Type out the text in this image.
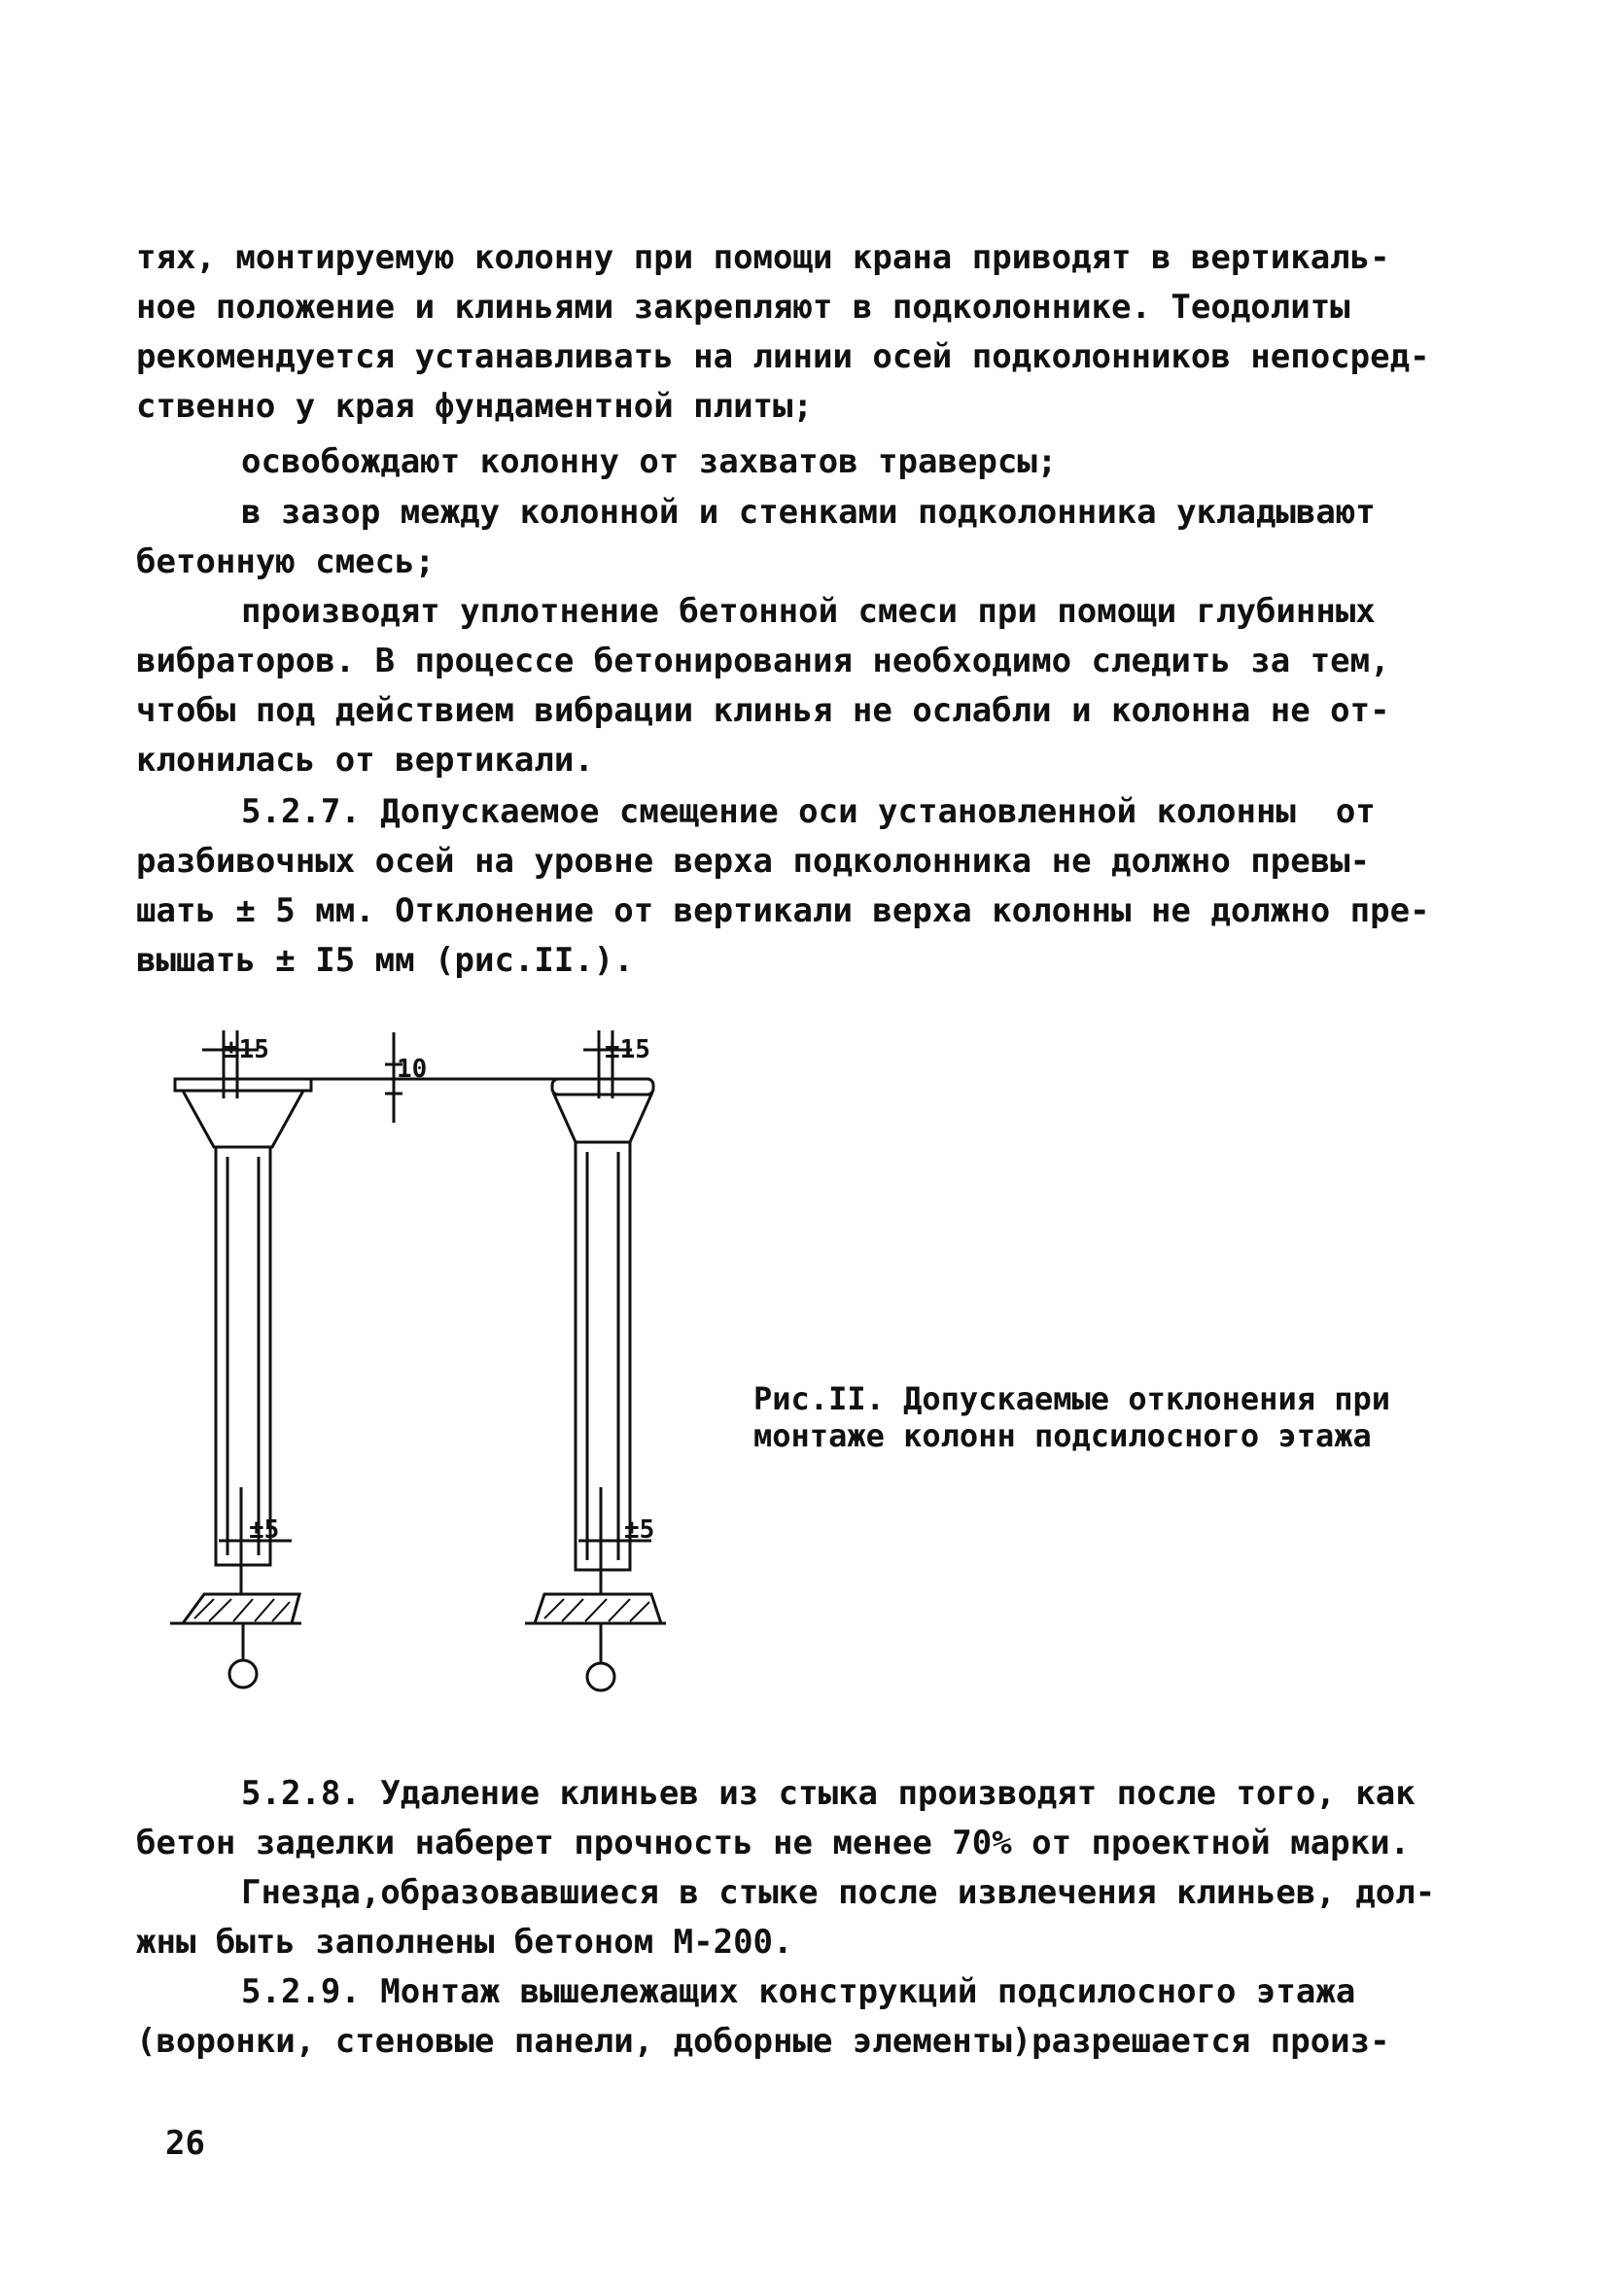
тях, монтируемую колонну при помощи крана приводят в вертикаль-
ное положение и клиньями закрепляют в подколоннике. Теодолиты
рекомендуется устанавливать на линии осей подколонников непосред-
ственно у края фундаментной плиты;
освобождают колонну от захватов траверсы;
в зазор между колонной и стенками подколонника укладывают
бетонную смесь;
производят уплотнение бетонной смеси при помощи глубинных
вибраторов. В процессе бетонирования необходимо следить за тем,
чтобы под действием вибрации клинья не ослабли и колонна не от-
клонилась от вертикали.
5.2.7. Допускаемое смещение оси установленной колонны  от
разбивочных осей на уровне верха подколонника не должно превы-
шать ± 5 мм. Отклонение от вертикали верха колонны не должно пре-
вышать ± I5 мм (рис.II.).
±15
10
±15
±5	±5
Рис.II. Допускаемые отклонения при
монтаже колонн подсилосного этажа
5.2.8. Удаление клиньев из стыка производят после того, как
бетон заделки наберет прочность не менее 70% от проектной марки.
Гнезда,образовавшиеся в стыке после извлечения клиньев, дол-
жны быть заполнены бетоном М-200.
5.2.9. Монтаж вышележащих конструкций подсилосного этажа
(воронки, стеновые панели, доборные элементы)разрешается произ-
26
